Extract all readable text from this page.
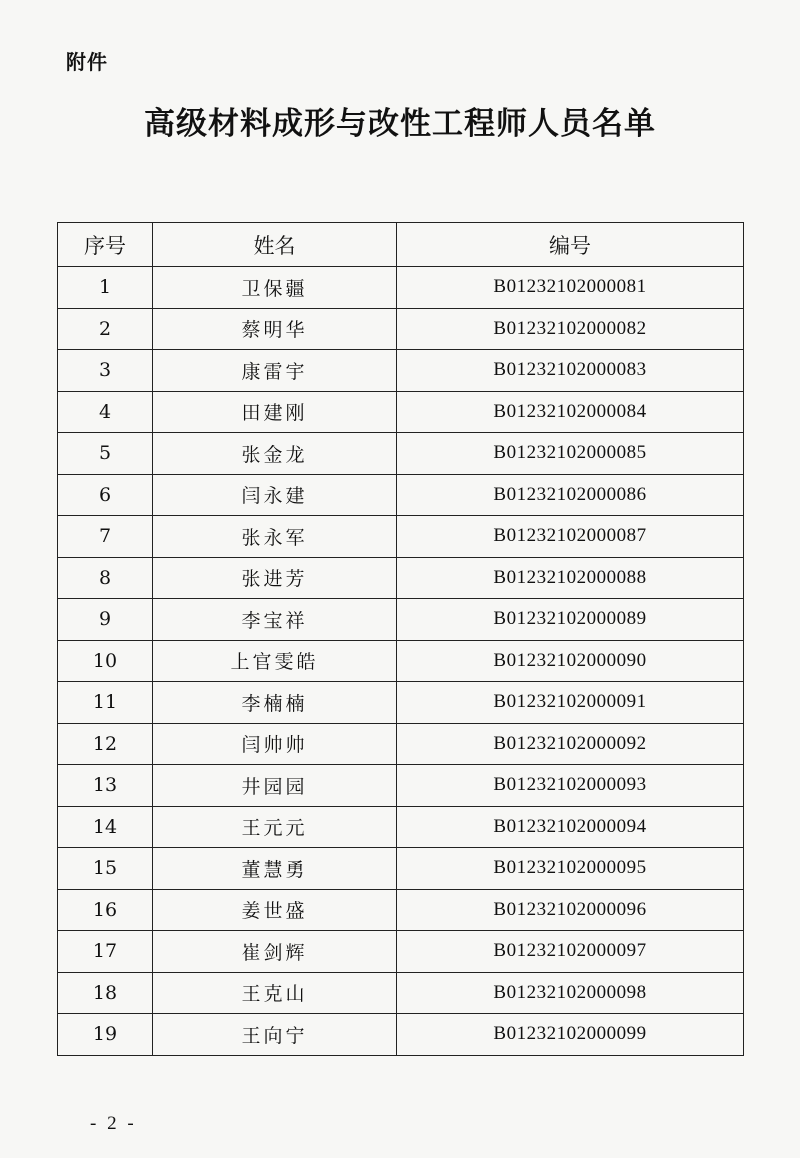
附件
高级材料成形与改性工程师人员名单
序号	姓名	编号
1	卫保疆	B01232102000081
2	蔡明华	B01232102000082
3	康雷宇	B01232102000083
4	田建刚	B01232102000084
5	张金龙	B01232102000085
6	闫永建	B01232102000086
7	张永军	B01232102000087
8	张进芳	B01232102000088
9	李宝祥	B01232102000089
10	上官雯皓	B01232102000090
11	李楠楠	B01232102000091
12	闫帅帅	B01232102000092
13	井园园	B01232102000093
14	王元元	B01232102000094
15	董慧勇	B01232102000095
16	姜世盛	B01232102000096
17	崔剑辉	B01232102000097
18	王克山	B01232102000098
19	王向宁	B01232102000099
- 2 -
